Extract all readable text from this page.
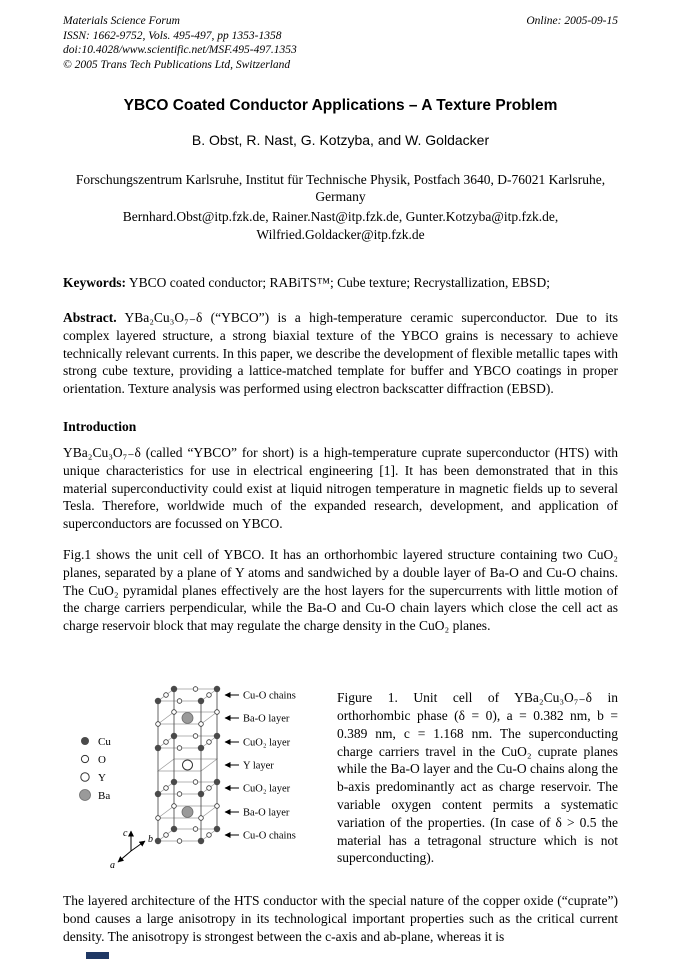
Materials Science Forum
ISSN: 1662-9752, Vols. 495-497, pp 1353-1358
doi:10.4028/www.scientific.net/MSF.495-497.1353
© 2005 Trans Tech Publications Ltd, Switzerland
Online: 2005-09-15
YBCO Coated Conductor Applications – A Texture Problem
B. Obst, R. Nast, G. Kotzyba, and W. Goldacker
Forschungszentrum Karlsruhe, Institut für Technische Physik, Postfach 3640, D-76021 Karlsruhe, Germany
Bernhard.Obst@itp.fzk.de, Rainer.Nast@itp.fzk.de, Gunter.Kotzyba@itp.fzk.de, Wilfried.Goldacker@itp.fzk.de

Keywords: YBCO coated conductor; RABiTS™; Cube texture; Recrystallization, EBSD;

Abstract. YBa₂Cu₃O₇₋δ (“YBCO”) is a high-temperature ceramic superconductor. Due to its complex layered structure, a strong biaxial texture of the YBCO grains is necessary to achieve technically relevant currents. In this paper, we describe the development of flexible metallic tapes with strong cube texture, providing a lattice-matched template for buffer and YBCO coatings in proper orientation. Texture analysis was performed using electron backscatter diffraction (EBSD).

Introduction

YBa₂Cu₃O₇₋δ (called “YBCO” for short) is a high-temperature cuprate superconductor (HTS) with unique characteristics for use in electrical engineering [1]. It has been demonstrated that in this material superconductivity could exist at liquid nitrogen temperature in magnetic fields up to several Tesla. Therefore, worldwide much of the expanded research, development, and application of superconductors are focussed on YBCO.

Fig.1 shows the unit cell of YBCO. It has an orthorhombic layered structure containing two CuO₂ planes, separated by a plane of Y atoms and sandwiched by a double layer of Ba-O and Cu-O chains. The CuO₂ pyramidal planes effectively are the host layers for the supercurrents with little motion of the charge carriers perpendicular, while the Ba-O and Cu-O chain layers which close the cell act as charge reservoir block that may regulate the charge density in the CuO₂ planes.

Cu
O
Y
Ba
Cu-O chains
Ba-O layer
CuO₂ layer
Y layer
CuO₂ layer
Ba-O layer
Cu-O chains
c
b
a
Figure 1. Unit cell of YBa₂Cu₃O₇₋δ in orthorhombic phase (δ = 0), a = 0.382 nm, b = 0.389 nm, c = 1.168 nm. The superconducting charge carriers travel in the CuO₂ cuprate planes while the Ba-O layer and the Cu-O chains along the b-axis predominantly act as charge reservoir. The variable oxygen content permits a systematic variation of the properties. (In case of δ > 0.5 the material has a tetragonal structure which is not superconducting).

The layered architecture of the HTS conductor with the special nature of the copper oxide (“cuprate”) bond causes a large anisotropy in its technological important properties such as the critical current density. The anisotropy is strongest between the c-axis and ab-plane, whereas it is
